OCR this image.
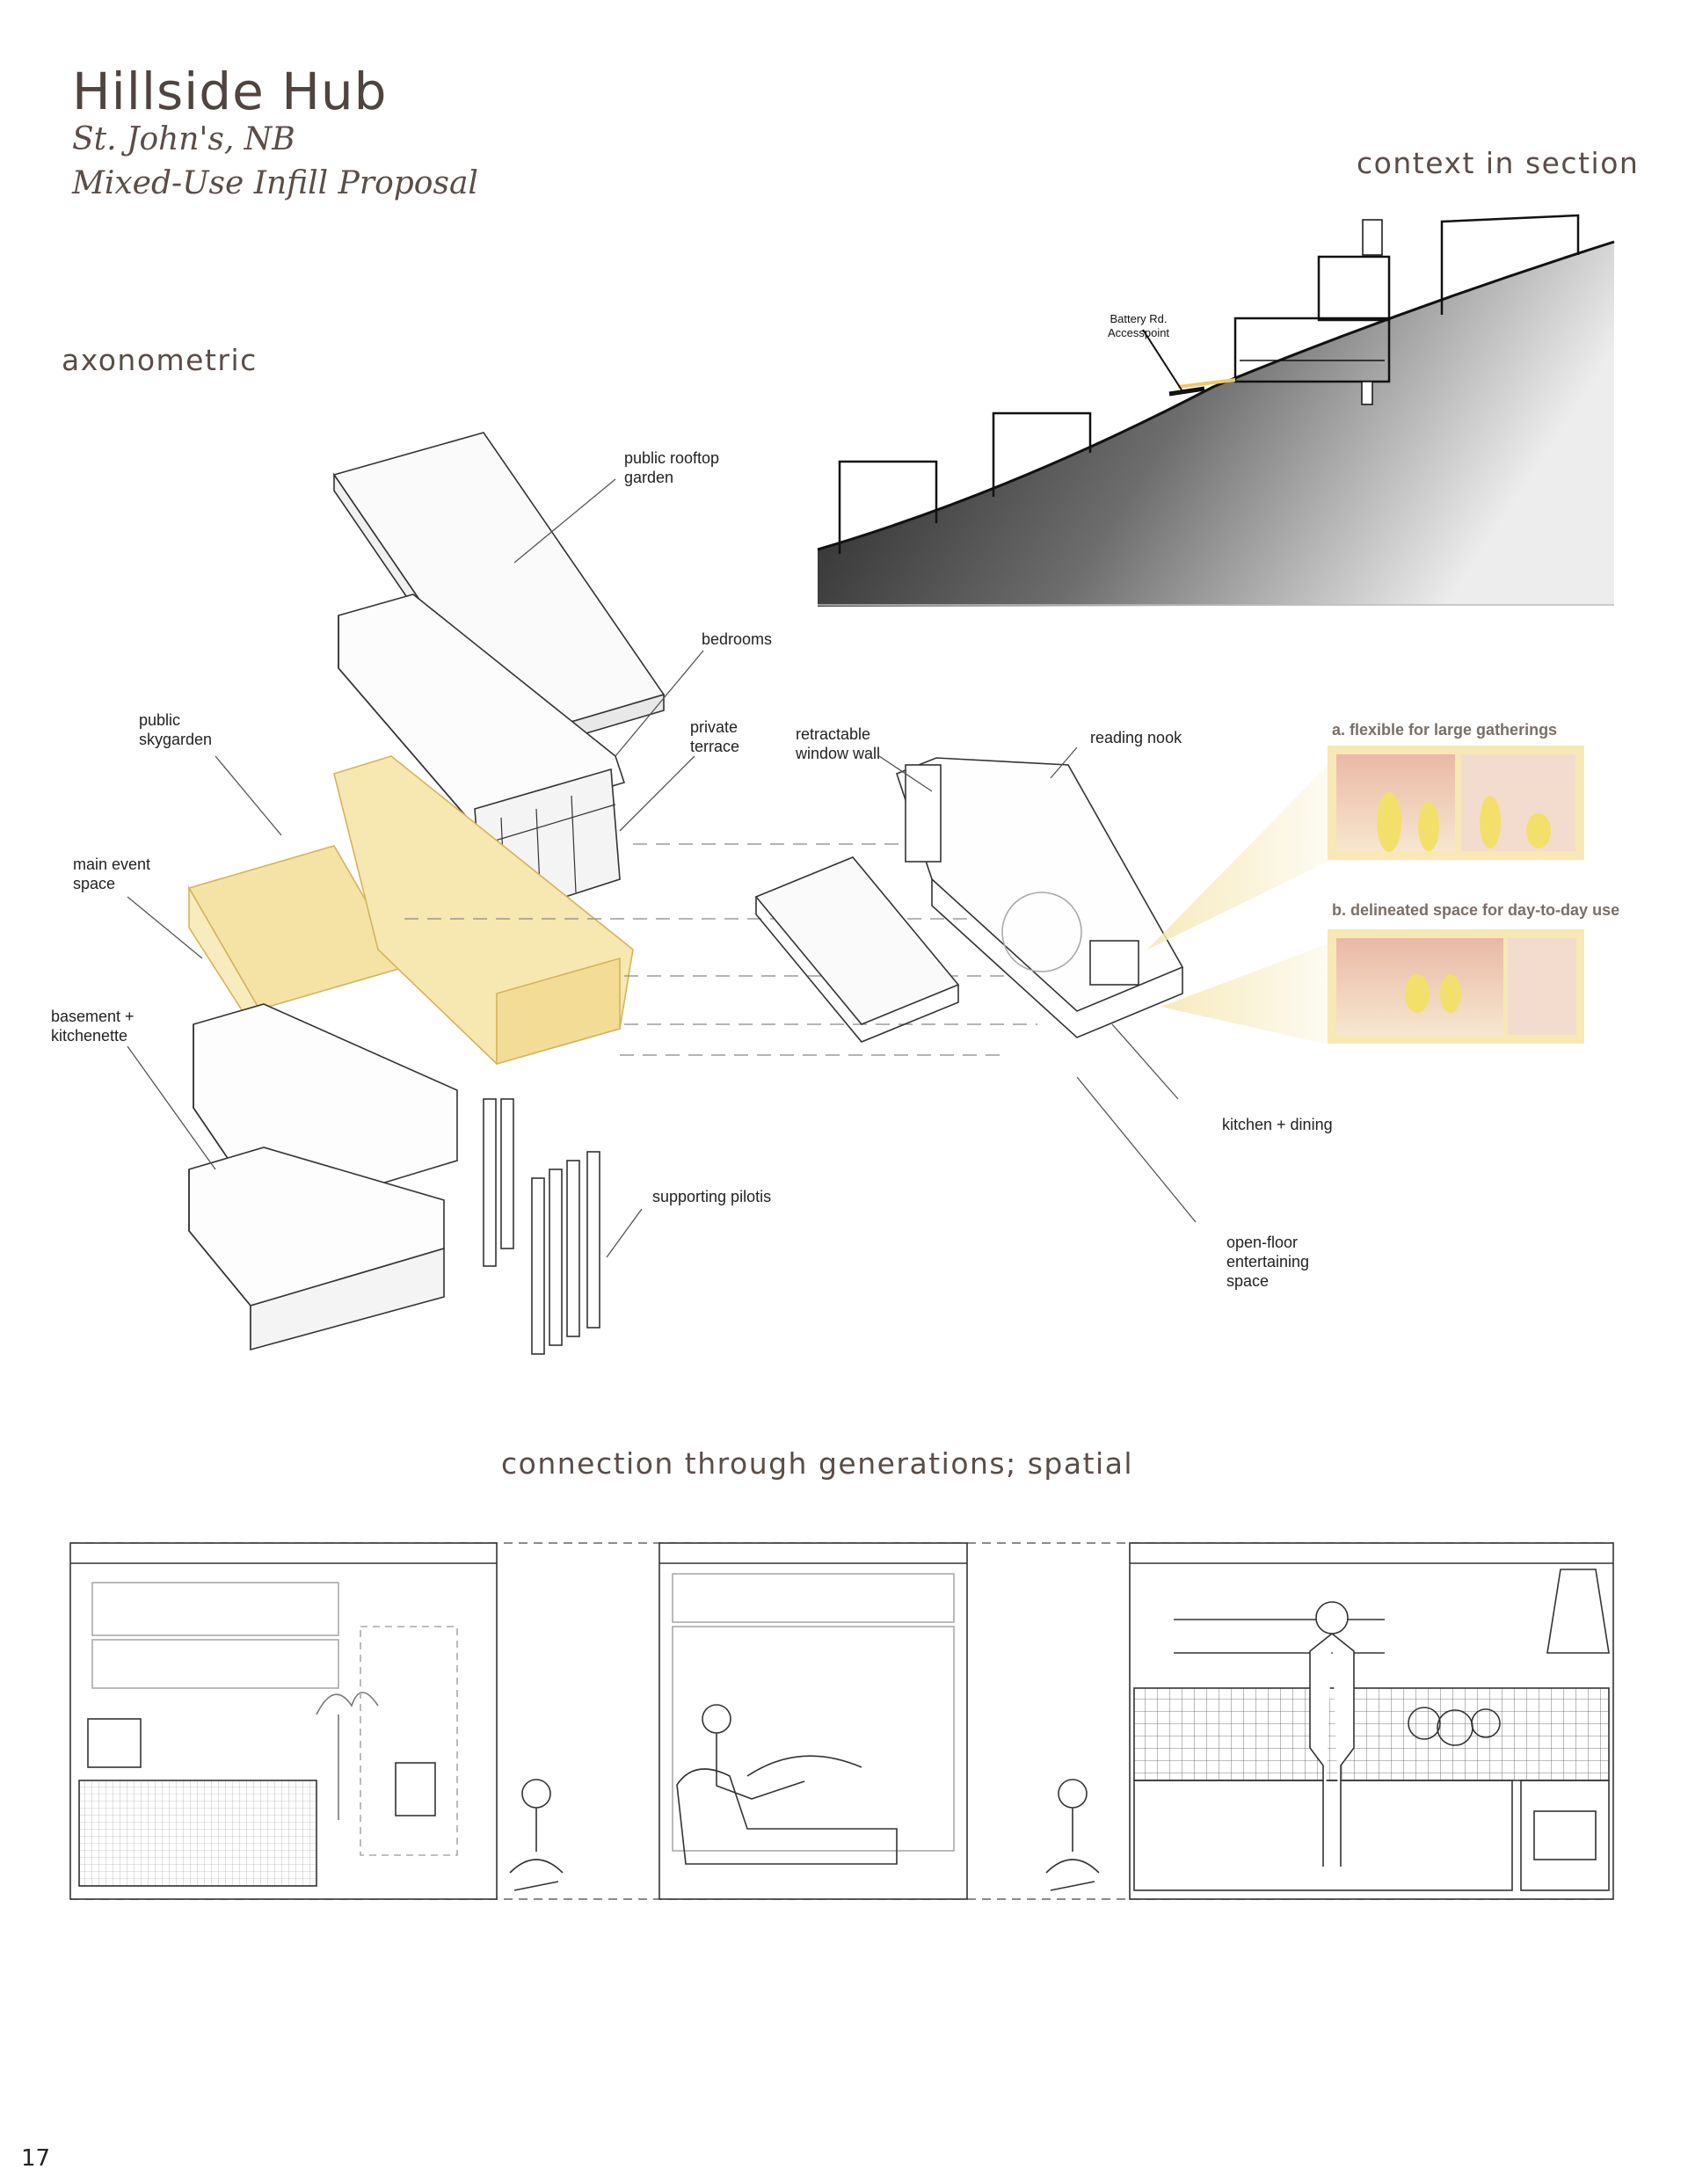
Hillside Hub
St. John's, NB
Mixed-Use Infill Proposal
context in section
axonometric
connection through generations; spatial
Battery Rd.
Accesspoint
public rooftop
garden
bedrooms
private
terrace
public
skygarden
main event
space
basement +
kitchenette
supporting pilotis
retractable
window wall
reading nook
kitchen + dining
open-floor
entertaining
space
a. flexible for large gatherings
b. delineated space for day-to-day use
17
